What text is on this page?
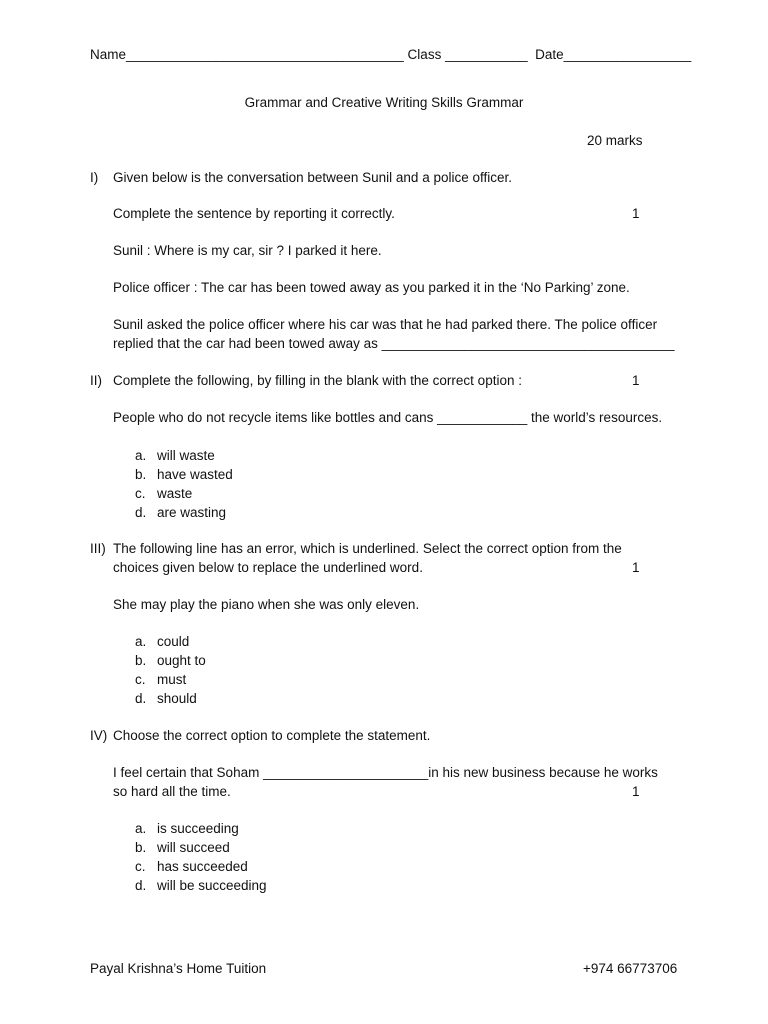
Name_____________________________________ Class ___________  Date_________________
Grammar and Creative Writing Skills Grammar
20 marks
I) Given below is the conversation between Sunil and a police officer.
Complete the sentence by reporting it correctly.	1
Sunil : Where is my car, sir ? I parked it here.
Police officer : The car has been towed away as you parked it in the ‘No Parking’ zone.
Sunil asked the police officer where his car was that he had parked there. The police officer
replied that the car had been towed away as _______________________________________
II) Complete the following, by filling in the blank with the correct option :	1
People who do not recycle items like bottles and cans ____________ the world’s resources.
a. will waste
b. have wasted
c. waste
d. are wasting
III) The following line has an error, which is underlined. Select the correct option from the
choices given below to replace the underlined word.	1
She may play the piano when she was only eleven.
a. could
b. ought to
c. must
d. should
IV) Choose the correct option to complete the statement.
I feel certain that Soham ______________________in his new business because he works
so hard all the time.	1
a. is succeeding
b. will succeed
c. has succeeded
d. will be succeeding
Payal Krishna’s Home Tuition	+974 66773706
